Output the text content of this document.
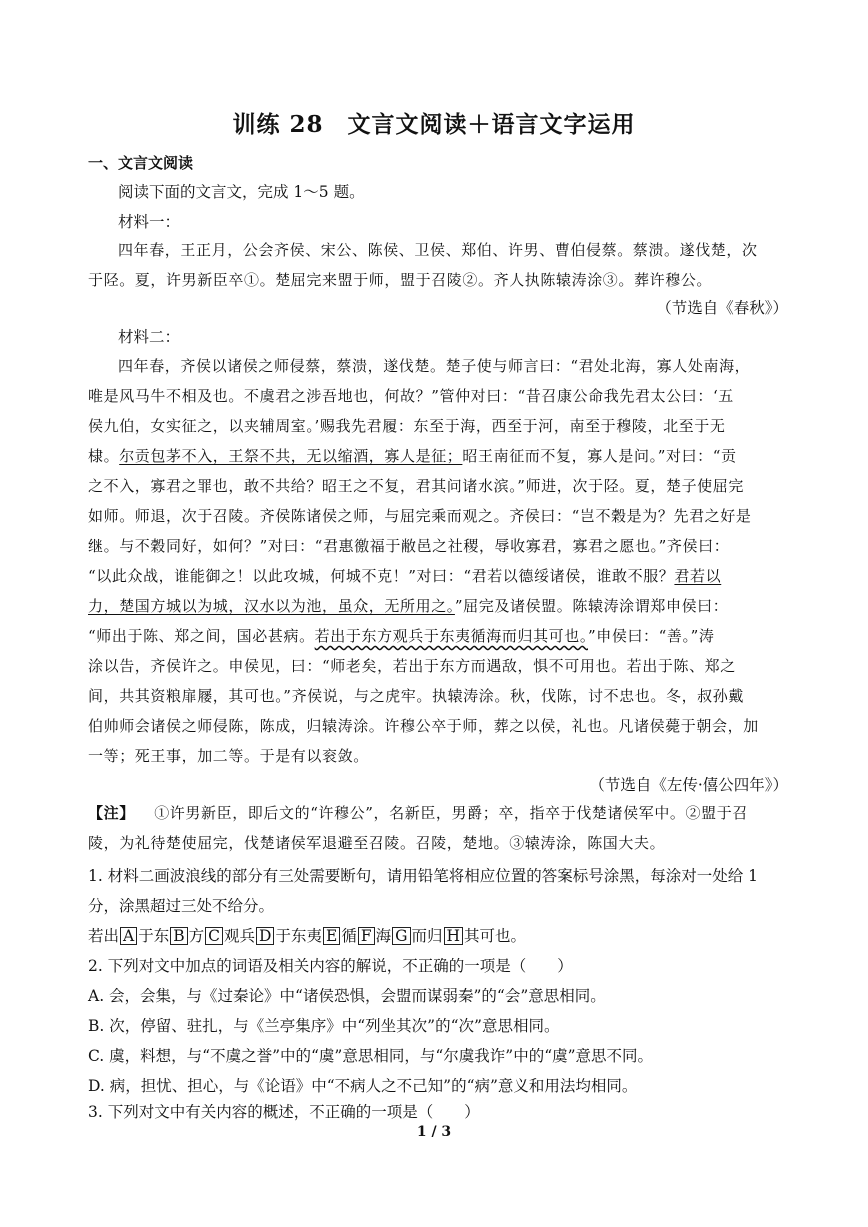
训练 28　文言文阅读＋语言文字运用
一、文言文阅读
阅读下面的文言文，完成 1～5 题。
材料一：
四年春，王正月，公会齐侯、宋公、陈侯、卫侯、郑伯、许男、曹伯侵蔡。蔡溃。遂伐楚，次
于陉。夏，许男新臣卒①。楚屈完来盟于师，盟于召陵②。齐人执陈辕涛涂③。葬许穆公。
（节选自《春秋》）
材料二：
四年春，齐侯以诸侯之师侵蔡，蔡溃，遂伐楚。楚子使与师言曰：“君处北海，寡人处南海，
唯是风马牛不相及也。不虞君之涉吾地也，何故？”管仲对曰：“昔召康公命我先君太公曰：‘五
侯九伯，女实征之，以夹辅周室。’赐我先君履：东至于海，西至于河，南至于穆陵，北至于无
棣。尔贡包茅不入，王祭不共，无以缩酒，寡人是征；昭王南征而不复，寡人是问。”对曰：“贡
之不入，寡君之罪也，敢不共给？昭王之不复，君其问诸水滨。”师进，次于陉。夏，楚子使屈完
如师。师退，次于召陵。齐侯陈诸侯之师，与屈完乘而观之。齐侯曰：“岂不穀是为？先君之好是
继。与不穀同好，如何？”对曰：“君惠徼福于敝邑之社稷，辱收寡君，寡君之愿也。”齐侯曰：
“以此众战，谁能御之！以此攻城，何城不克！”对曰：“君若以德绥诸侯，谁敢不服？君若以
力，楚国方城以为城，汉水以为池，虽众，无所用之。”屈完及诸侯盟。陈辕涛涂谓郑申侯曰：
“师出于陈、郑之间，国必甚病。若出于东方观兵于东夷循海而归其可也。”申侯曰：“善。”涛
涂以告，齐侯许之。申侯见，曰：“师老矣，若出于东方而遇敌，惧不可用也。若出于陈、郑之
间，共其资粮扉屦，其可也。”齐侯说，与之虎牢。执辕涛涂。秋，伐陈，讨不忠也。冬，叔孙戴
伯帅师会诸侯之师侵陈，陈成，归辕涛涂。许穆公卒于师，葬之以侯，礼也。凡诸侯薨于朝会，加
一等；死王事，加二等。于是有以衮敛。
（节选自《左传·僖公四年》）
【注】 ①许男新臣，即后文的“许穆公”，名新臣，男爵；卒，指卒于伐楚诸侯军中。②盟于召
陵，为礼待楚使屈完，伐楚诸侯军退避至召陵。召陵，楚地。③辕涛涂，陈国大夫。
1. 材料二画波浪线的部分有三处需要断句，请用铅笔将相应位置的答案标号涂黑，每涂对一处给 1
分，涂黑超过三处不给分。
若出 A 于东 B 方 C 观兵 D 于东夷 E 循 F 海 G 而归 H 其可也。
2. 下列对文中加点的词语及相关内容的解说，不正确的一项是（　　）
A. 会，会集，与《过秦论》中“诸侯恐惧，会盟而谋弱秦”的“会”意思相同。
B. 次，停留、驻扎，与《兰亭集序》中“列坐其次”的“次”意思相同。
C. 虞，料想，与“不虞之誉”中的“虞”意思相同，与“尔虞我诈”中的“虞”意思不同。
D. 病，担忧、担心，与《论语》中“不病人之不己知”的“病”意义和用法均相同。
3. 下列对文中有关内容的概述，不正确的一项是（　　）
1 / 3
